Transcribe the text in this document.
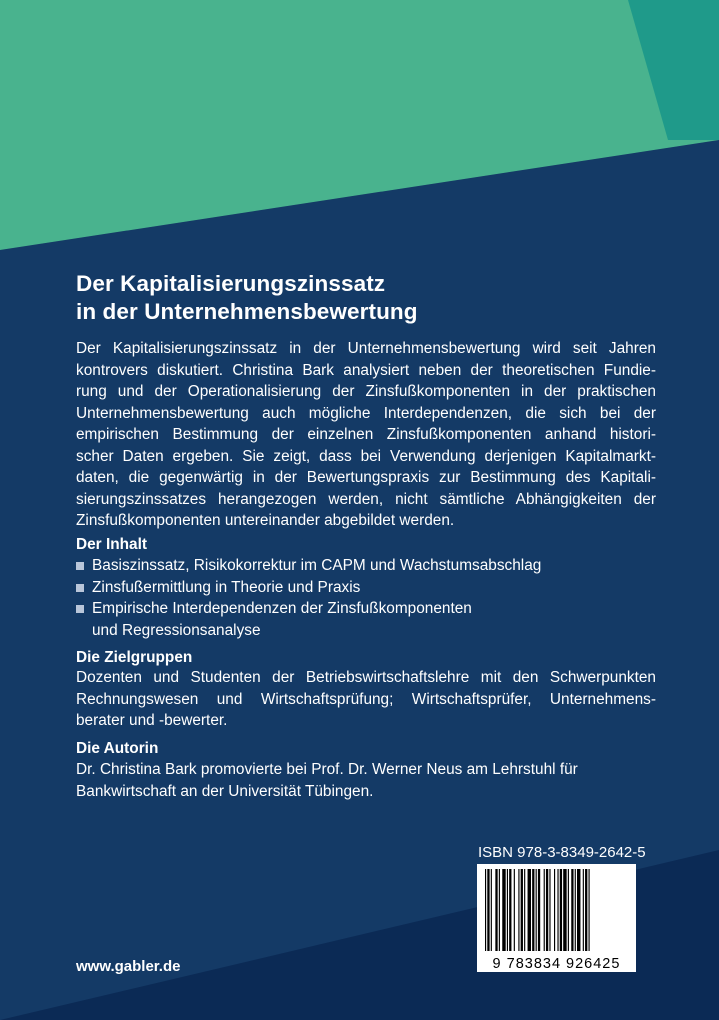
Der Kapitalisierungszinssatz
in der Unternehmensbewertung
Der Kapitalisierungszinssatz in der Unternehmensbewertung wird seit Jahren
kontrovers diskutiert. Christina Bark analysiert neben der theoretischen Fundie-
rung und der Operationalisierung der Zinsfußkomponenten in der praktischen
Unternehmensbewertung auch mögliche Interdependenzen, die sich bei der
empirischen Bestimmung der einzelnen Zinsfußkomponenten anhand histori-
scher Daten ergeben. Sie zeigt, dass bei Verwendung derjenigen Kapitalmarkt-
daten, die gegenwärtig in der Bewertungspraxis zur Bestimmung des Kapitali-
sierungszinssatzes herangezogen werden, nicht sämtliche Abhängigkeiten der
Zinsfußkomponenten untereinander abgebildet werden.
Der Inhalt
Basiszinssatz, Risikokorrektur im CAPM und Wachstumsabschlag
Zinsfußermittlung in Theorie und Praxis
Empirische Interdependenzen der Zinsfußkomponenten
und Regressionsanalyse
Die Zielgruppen
Dozenten und Studenten der Betriebswirtschaftslehre mit den Schwerpunkten
Rechnungswesen und Wirtschaftsprüfung; Wirtschaftsprüfer, Unternehmens-
berater und -bewerter.
Die Autorin
Dr. Christina Bark promovierte bei Prof. Dr. Werner Neus am Lehrstuhl für
Bankwirtschaft an der Universität Tübingen.
ISBN 978-3-8349-2642-5
9 783834 926425
www.gabler.de
